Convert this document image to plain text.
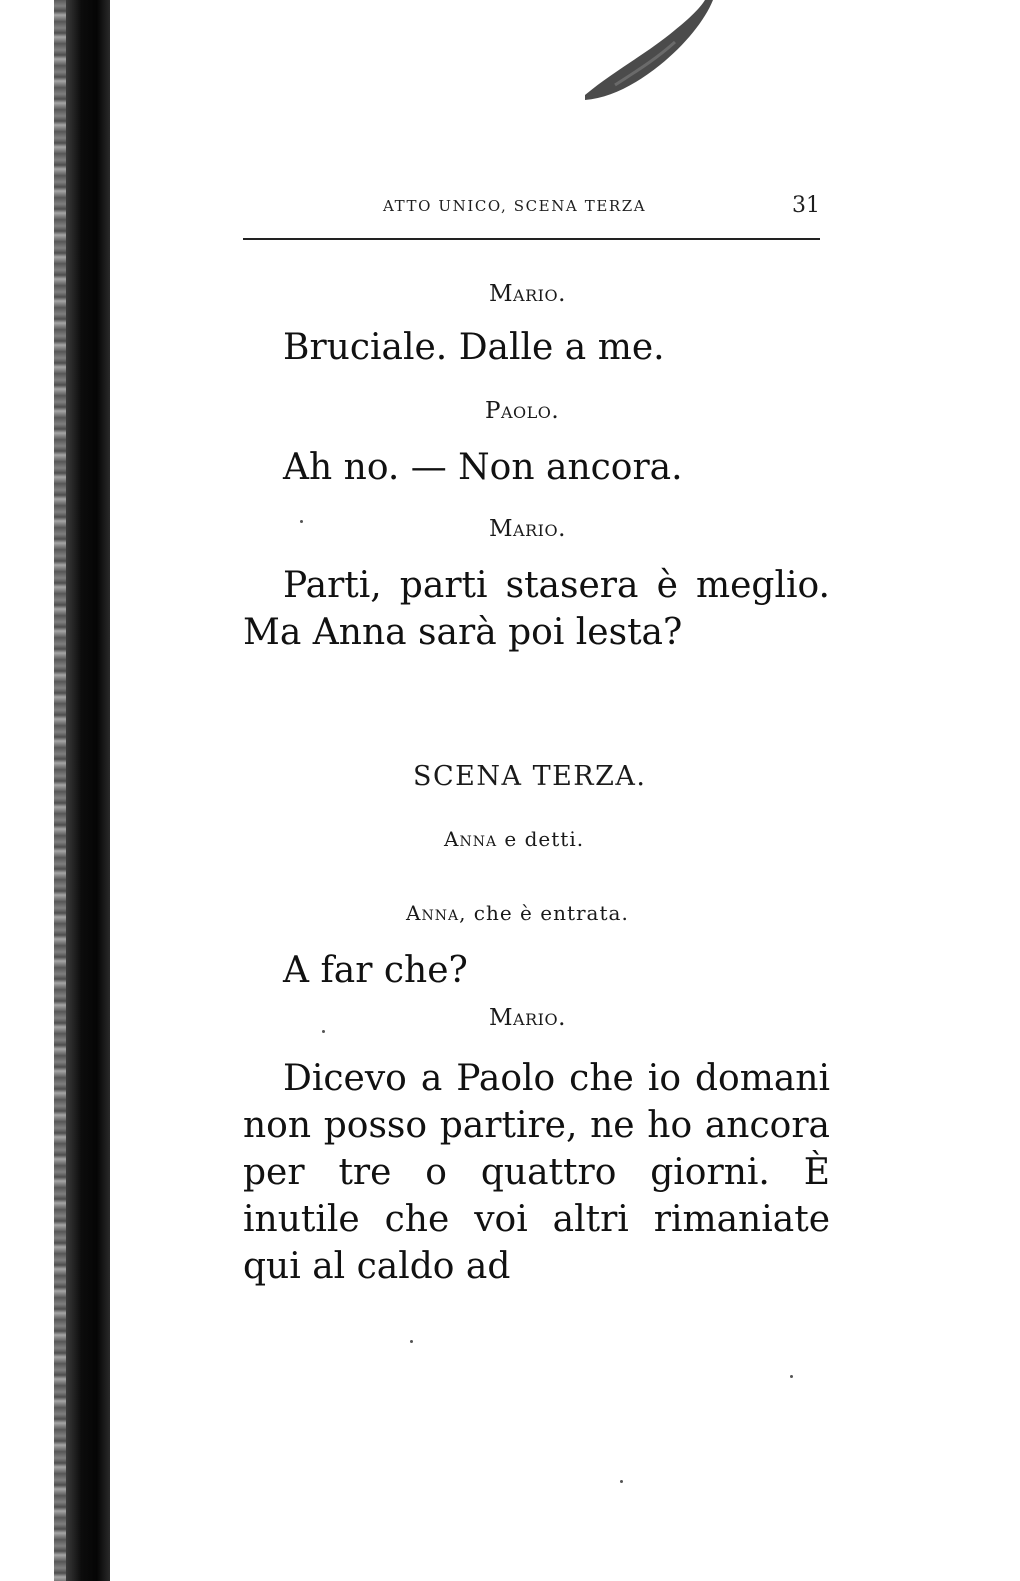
ATTO UNICO, SCENA TERZA	31
Mario.
Bruciale. Dalle a me.
Paolo.
Ah no. — Non ancora.
Mario.
Parti, parti stasera è meglio. Ma Anna sarà poi lesta?
SCENA TERZA.
Anna e detti.
Anna, che è entrata.
A far che?
Mario.
Dicevo a Paolo che io domani non posso partire, ne ho ancora per tre o quattro giorni. È inutile che voi altri rimaniate qui al caldo ad
